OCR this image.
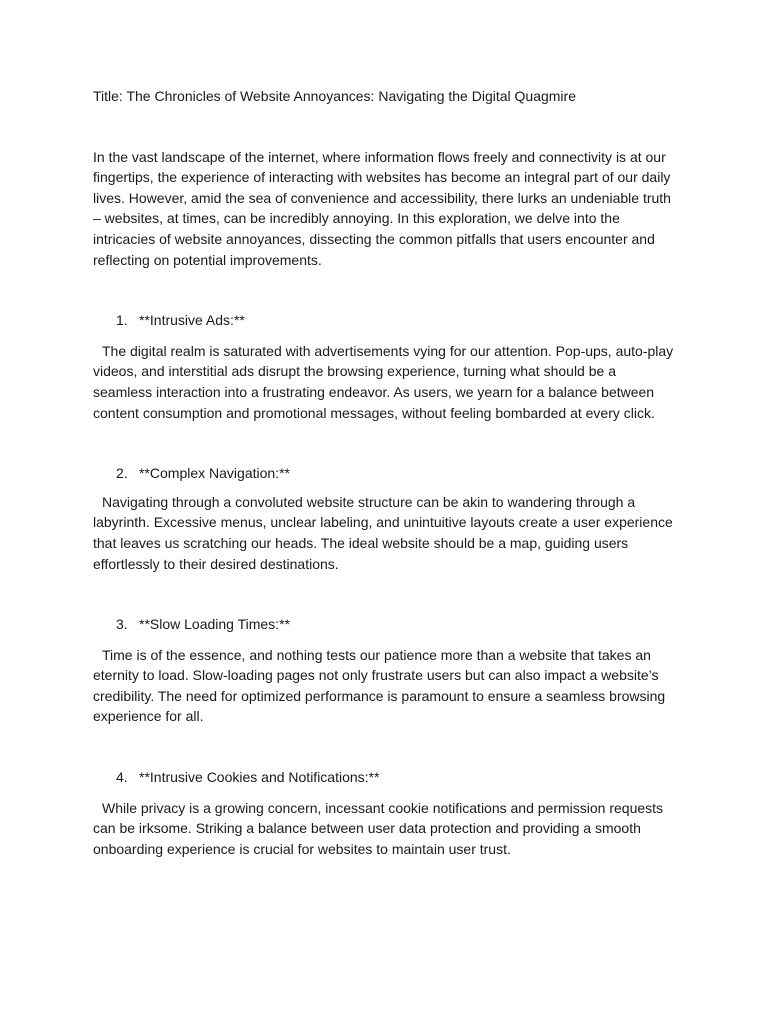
Title: The Chronicles of Website Annoyances: Navigating the Digital Quagmire

In the vast landscape of the internet, where information flows freely and connectivity is at our fingertips, the experience of interacting with websites has become an integral part of our daily lives. However, amid the sea of convenience and accessibility, there lurks an undeniable truth – websites, at times, can be incredibly annoying. In this exploration, we delve into the intricacies of website annoyances, dissecting the common pitfalls that users encounter and reflecting on potential improvements.

1. **Intrusive Ads:**

The digital realm is saturated with advertisements vying for our attention. Pop-ups, auto-play videos, and interstitial ads disrupt the browsing experience, turning what should be a seamless interaction into a frustrating endeavor. As users, we yearn for a balance between content consumption and promotional messages, without feeling bombarded at every click.

2. **Complex Navigation:**

Navigating through a convoluted website structure can be akin to wandering through a labyrinth. Excessive menus, unclear labeling, and unintuitive layouts create a user experience that leaves us scratching our heads. The ideal website should be a map, guiding users effortlessly to their desired destinations.

3. **Slow Loading Times:**

Time is of the essence, and nothing tests our patience more than a website that takes an eternity to load. Slow-loading pages not only frustrate users but can also impact a website’s credibility. The need for optimized performance is paramount to ensure a seamless browsing experience for all.

4. **Intrusive Cookies and Notifications:**

While privacy is a growing concern, incessant cookie notifications and permission requests can be irksome. Striking a balance between user data protection and providing a smooth onboarding experience is crucial for websites to maintain user trust.
